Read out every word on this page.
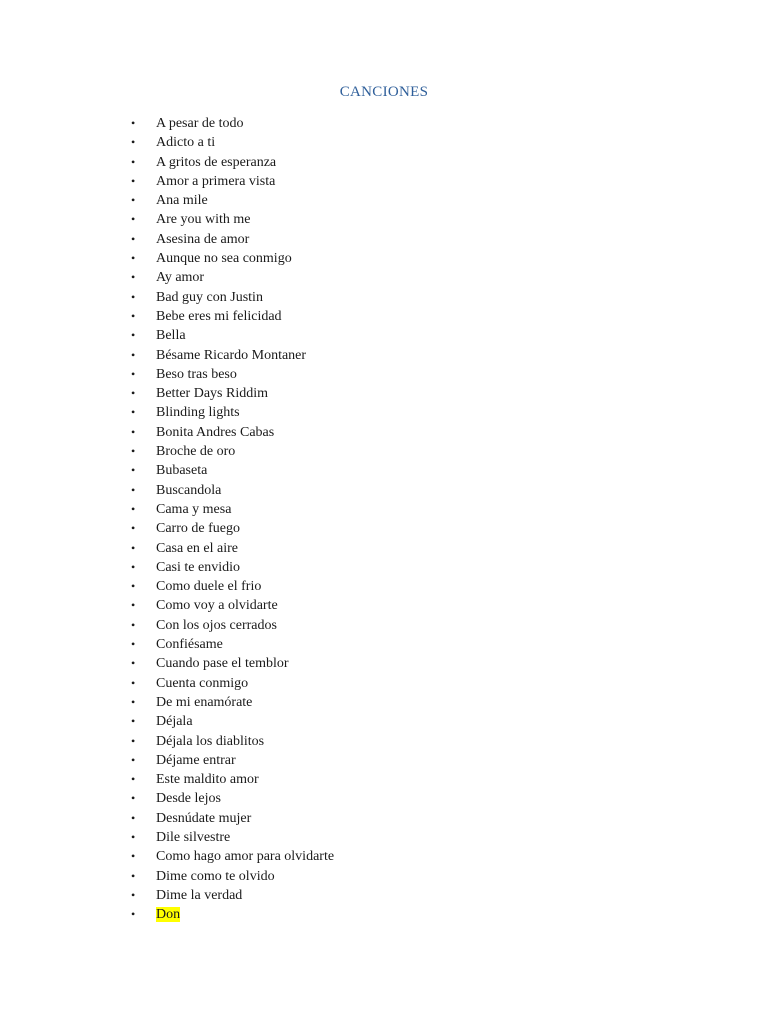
CANCIONES
• A pesar de todo
• Adicto a ti
• A gritos de esperanza
• Amor a primera vista
• Ana mile
• Are you with me
• Asesina de amor
• Aunque no sea conmigo
• Ay amor
• Bad guy con Justin
• Bebe eres mi felicidad
• Bella
• Bésame Ricardo Montaner
• Beso tras beso
• Better Days Riddim
• Blinding lights
• Bonita Andres Cabas
• Broche de oro
• Bubaseta
• Buscandola
• Cama y mesa
• Carro de fuego
• Casa en el aire
• Casi te envidio
• Como duele el frio
• Como voy a olvidarte
• Con los ojos cerrados
• Confiésame
• Cuando pase el temblor
• Cuenta conmigo
• De mi enamórate
• Déjala
• Déjala los diablitos
• Déjame entrar
• Este maldito amor
• Desde lejos
• Desnúdate mujer
• Dile silvestre
• Como hago amor para olvidarte
• Dime como te olvido
• Dime la verdad
• Don
